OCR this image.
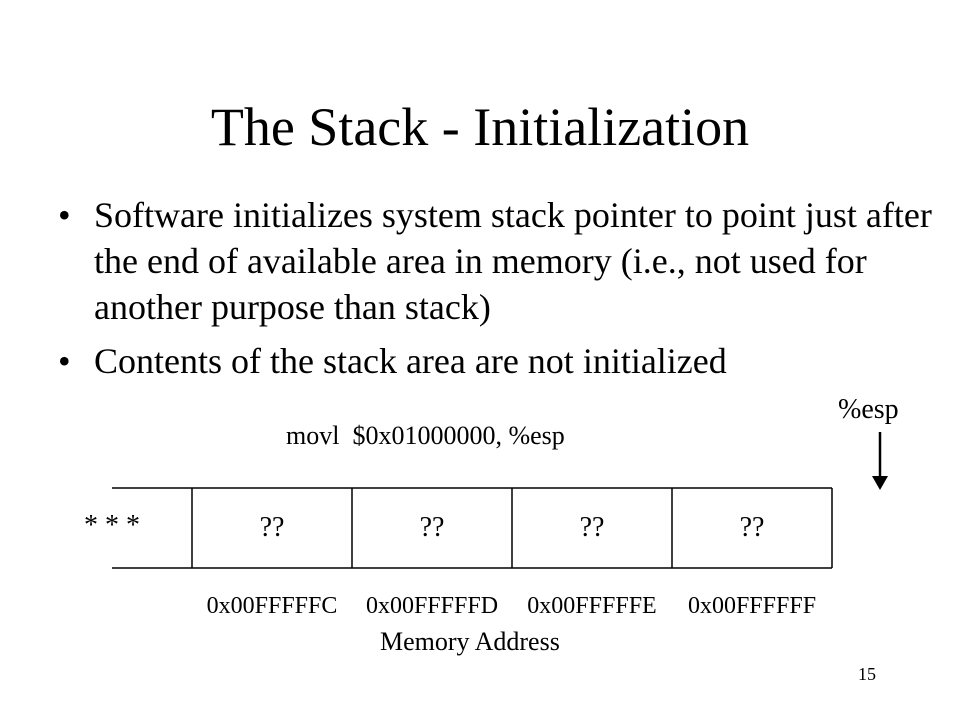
The Stack - Initialization
• Software initializes system stack pointer to point just after the end of available area in memory (i.e., not used for another purpose than stack)
• Contents of the stack area are not initialized
movl  $0x01000000, %esp
%esp
* * *	??	??	??	??
0x00FFFFFC	0x00FFFFFD	0x00FFFFFE	0x00FFFFFF
Memory Address
15
